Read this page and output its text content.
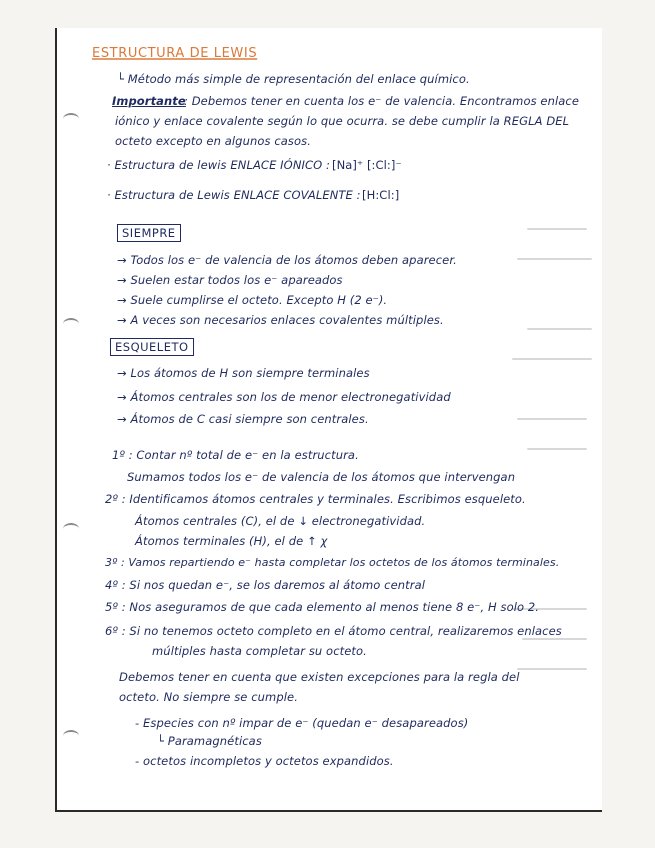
ESTRUCTURA DE LEWIS
└ Método más simple de representación del enlace químico.
Importante
: Debemos tener en cuenta los e⁻ de valencia. Encontramos enlace
iónico y enlace covalente según lo que ocurra. se debe cumplir la REGLA DEL
octeto excepto en algunos casos.
· Estructura de lewis ENLACE IÓNICO : [Na]⁺ [:Cl:]⁻
· Estructura de Lewis ENLACE COVALENTE : [H:Cl:]
SIEMPRE
→ Todos los e⁻ de valencia de los átomos deben aparecer.
→ Suelen estar todos los e⁻ apareados
→ Suele cumplirse el octeto. Excepto H (2 e⁻).
→ A veces son necesarios enlaces covalentes múltiples.
ESQUELETO
→ Los átomos de H son siempre terminales
→ Átomos centrales son los de menor electronegatividad
→ Átomos de C casi siempre son centrales.
1º : Contar nº total de e⁻ en la estructura.
Sumamos todos los e⁻ de valencia de los átomos que intervengan
2º : Identificamos átomos centrales y terminales. Escribimos esqueleto.
Átomos centrales (C), el de ↓ electronegatividad.
Átomos terminales (H), el de ↑ χ
3º : Vamos repartiendo e⁻ hasta completar los octetos de los átomos terminales.
4º : Si nos quedan e⁻, se los daremos al átomo central
5º : Nos aseguramos de que cada elemento al menos tiene 8 e⁻, H solo 2.
6º : Si no tenemos octeto completo en el átomo central, realizaremos enlaces
múltiples hasta completar su octeto.
Debemos tener en cuenta que existen excepciones para la regla del
octeto. No siempre se cumple.
- Especies con nº impar de e⁻ (quedan e⁻ desapareados)
└ Paramagnéticas
- octetos incompletos y octetos expandidos.
